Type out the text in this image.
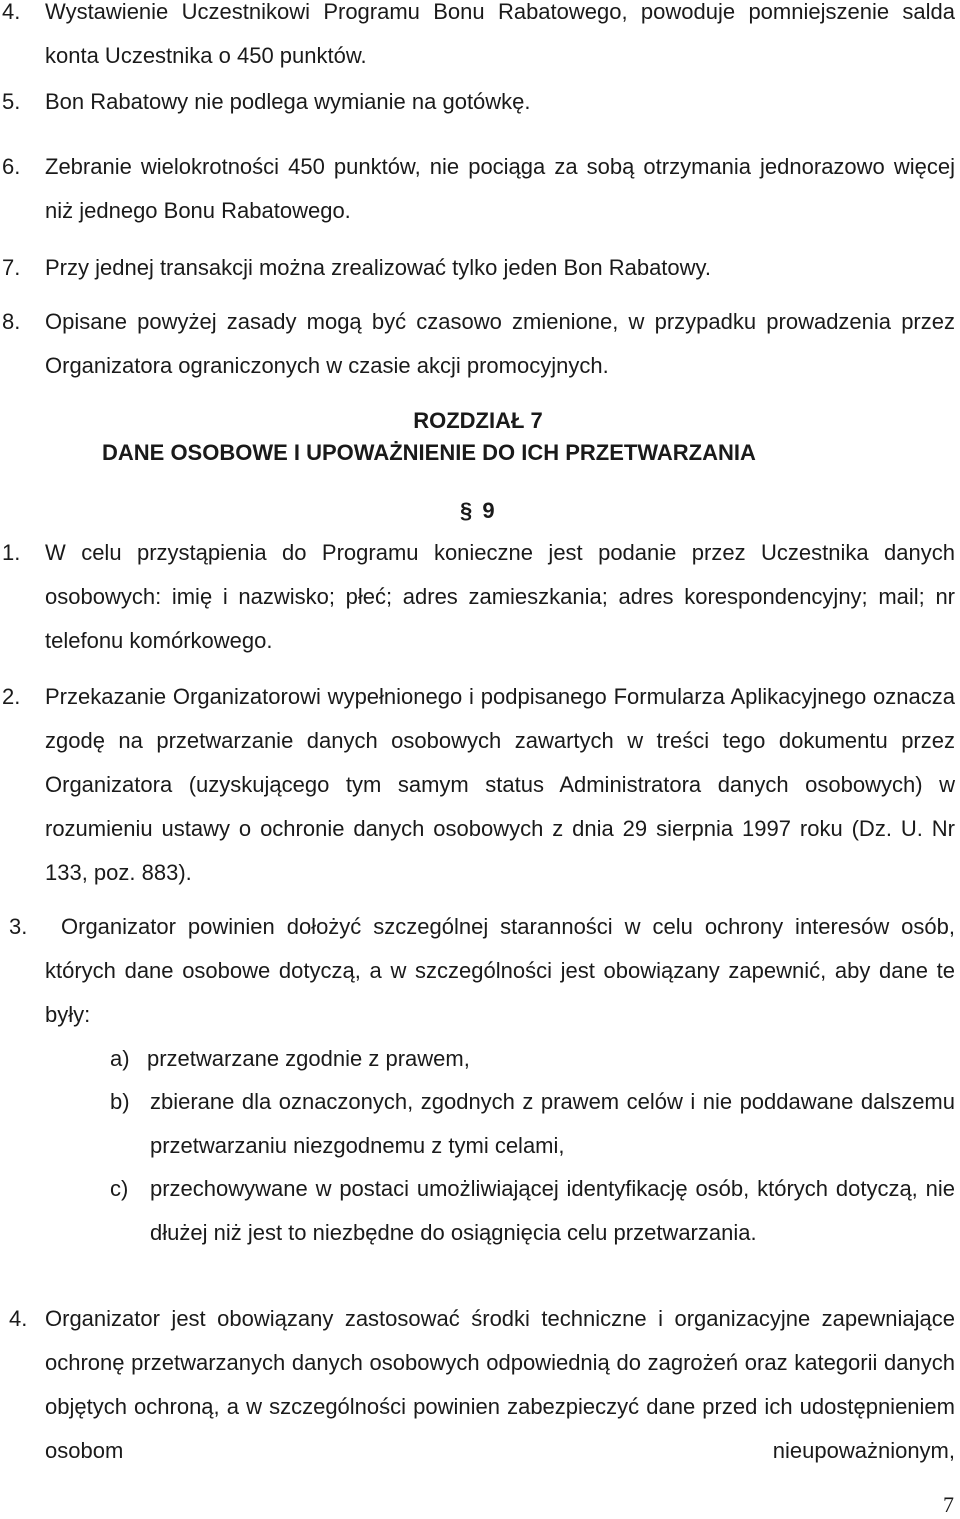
4. Wystawienie Uczestnikowi Programu Bonu Rabatowego, powoduje pomniejszenie salda konta Uczestnika o 450 punktów.
5. Bon Rabatowy nie podlega wymianie na gotówkę.
6. Zebranie wielokrotności 450 punktów, nie pociąga za sobą otrzymania jednorazowo więcej niż jednego Bonu Rabatowego.
7. Przy jednej transakcji można zrealizować tylko jeden Bon Rabatowy.
8. Opisane powyżej zasady mogą być czasowo zmienione, w przypadku prowadzenia przez Organizatora ograniczonych w czasie akcji promocyjnych.
ROZDZIAŁ 7
DANE OSOBOWE I UPOWAŻNIENIE DO ICH PRZETWARZANIA
§ 9
1. W celu przystąpienia do Programu konieczne jest podanie przez Uczestnika danych osobowych: imię i nazwisko; płeć; adres zamieszkania; adres korespondencyjny; mail; nr telefonu komórkowego.
2. Przekazanie Organizatorowi wypełnionego i podpisanego Formularza Aplikacyjnego oznacza zgodę na przetwarzanie danych osobowych zawartych w treści tego dokumentu przez Organizatora (uzyskującego tym samym status Administratora danych osobowych) w rozumieniu ustawy o ochronie danych osobowych z dnia 29 sierpnia 1997 roku (Dz. U. Nr 133, poz. 883).
3.	Organizator powinien dołożyć szczególnej staranności w celu ochrony interesów osób, których dane osobowe dotyczą, a w szczególności jest obowiązany zapewnić, aby dane te były:
a) przetwarzane zgodnie z prawem,
b) zbierane dla oznaczonych, zgodnych z prawem celów i nie poddawane dalszemu przetwarzaniu niezgodnemu z tymi celami,
c) przechowywane w postaci umożliwiającej identyfikację osób, których dotyczą, nie dłużej niż jest to niezbędne do osiągnięcia celu przetwarzania.
4. Organizator jest obowiązany zastosować środki techniczne i organizacyjne zapewniające ochronę przetwarzanych danych osobowych odpowiednią do zagrożeń oraz kategorii danych objętych ochroną, a w szczególności powinien zabezpieczyć dane przed ich udostępnieniem osobom nieupoważnionym,
7
